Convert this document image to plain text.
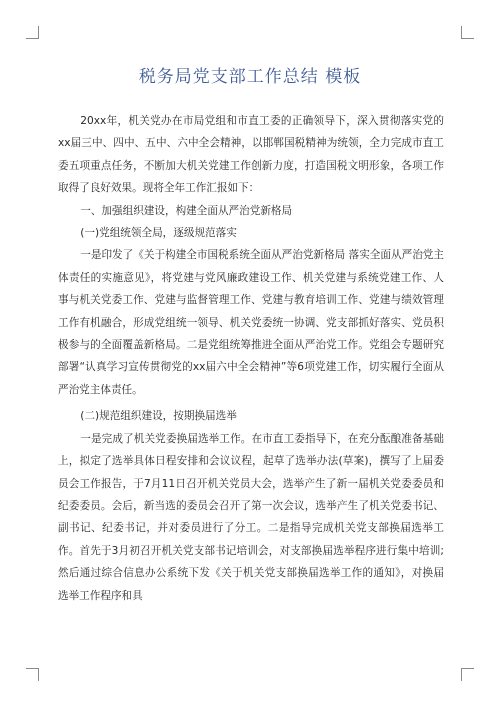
税务局党支部工作总结 模板

20xx年，机关党办在市局党组和市直工委的正确领导下，深入贯彻落实党的xx届三中、四中、五中、六中全会精神，以邯郸国税精神为统领，全力完成市直工委五项重点任务，不断加大机关党建工作创新力度，打造国税文明形象，各项工作取得了良好效果。现将全年工作汇报如下：

一、加强组织建设，构建全面从严治党新格局

(一)党组统领全局，逐级规范落实

一是印发了《关于构建全市国税系统全面从严治党新格局 落实全面从严治党主体责任的实施意见》，将党建与党风廉政建设工作、机关党建与系统党建工作、人事与机关党委工作、党建与监督管理工作、党建与教育培训工作、党建与绩效管理工作有机融合，形成党组统一领导、机关党委统一协调、党支部抓好落实、党员积极参与的全面覆盖新格局。二是党组统筹推进全面从严治党工作。党组会专题研究部署“认真学习宣传贯彻党的xx届六中全会精神”等6项党建工作，切实履行全面从严治党主体责任。

(二)规范组织建设，按期换届选举

一是完成了机关党委换届选举工作。在市直工委指导下，在充分酝酿准备基础上，拟定了选举具体日程安排和会议议程，起草了选举办法(草案)，撰写了上届委员会工作报告，于7月11日召开机关党员大会，选举产生了新一届机关党委委员和纪委委员。会后，新当选的委员会召开了第一次会议，选举产生了机关党委书记、副书记、纪委书记，并对委员进行了分工。二是指导完成机关党支部换届选举工作。首先于3月初召开机关党支部书记培训会，对支部换届选举程序进行集中培训;然后通过综合信息办公系统下发《关于机关党支部换届选举工作的通知》，对换届选举工作程序和具
